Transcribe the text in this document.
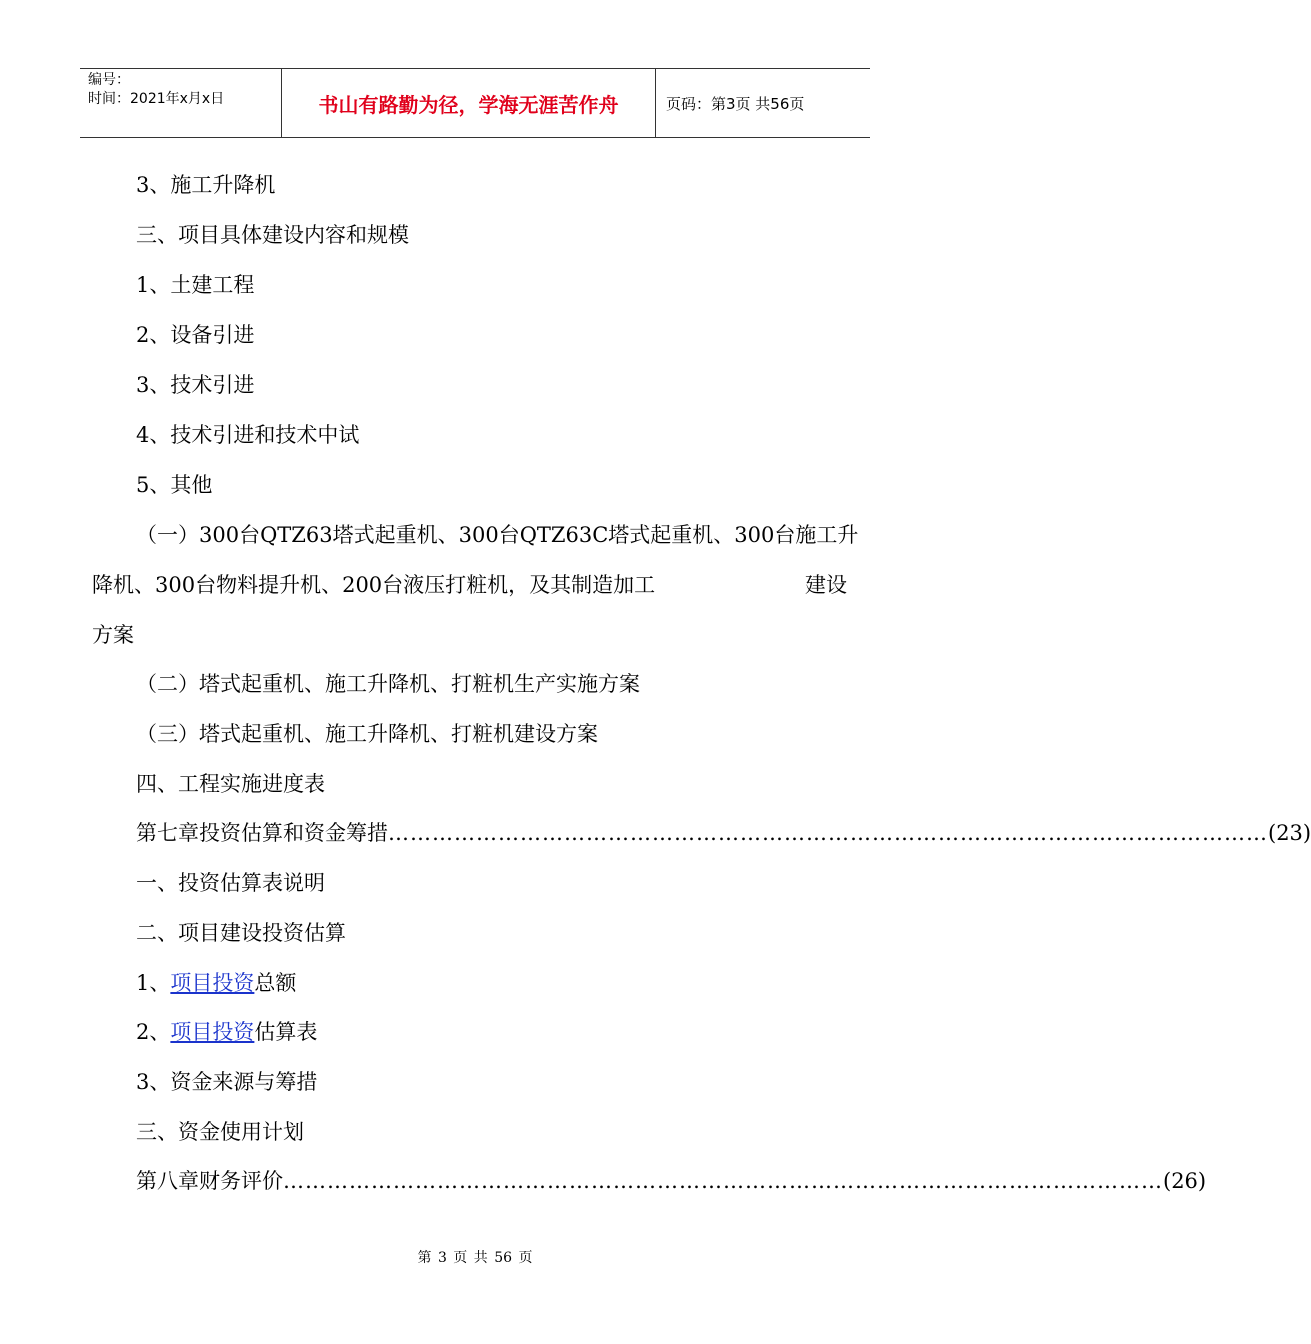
编号：
时间：2021年x月x日	书山有路勤为径，学海无涯苦作舟	页码：第3页 共56页
3、施工升降机
三、项目具体建设内容和规模
1、土建工程
2、设备引进
3、技术引进
4、技术引进和技术中试
5、其他
（一）300台QTZ63塔式起重机、300台QTZ63C塔式起重机、300台施工升
降机、300台物料提升机、200台液压打粧机，及其制造加工	建设
方案
（二）塔式起重机、施工升降机、打粧机生产实施方案
（三）塔式起重机、施工升降机、打粧机建设方案
四、工程实施进度表
第七章投资估算和资金筹措 ………………………………………………………………………………………………………… (23)
一、投资估算表说明
二、项目建设投资估算
1、项目投资总额
2、项目投资估算表
3、资金来源与筹措
三、资金使用计划
第八章财务评价 ………………………………………………………………………………………………………… (26)
第 3 页 共 56 页
